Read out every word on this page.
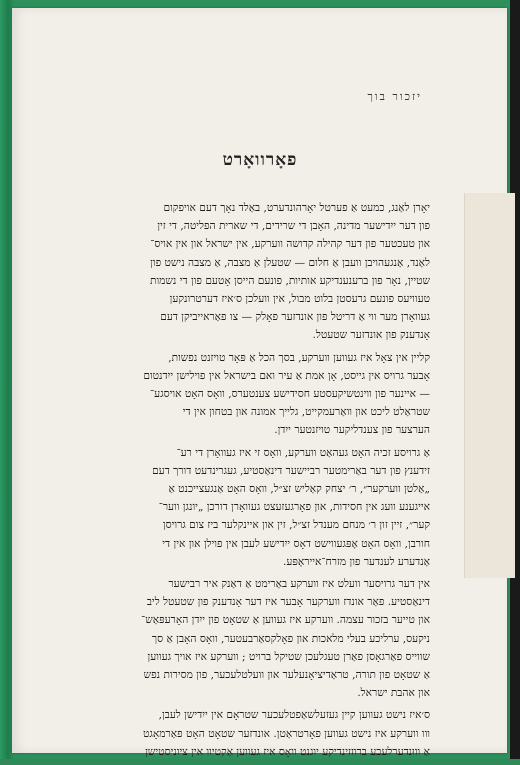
יזכור בוך
פאָרוואָרט
יאָרן לאַנג, כמעט אַ פערטל יאָרהונדערט, באַלד נאָך דעם אויפקום
פון דער ייִדישער מדינה, האָבן די שרידים, די שארית הפליטה, די זין
און טעכטער פון דער קהילה קדושה ווערקע, אין ישראל און אין אויס־
לאַנד, אַנגעהויבן וועבן אַ חלום — שטעלן אַ מצבה, אַ מצבה נישט פון
שטיין, נאָר פון ברענענדיקע אותיות, פונעם הייסן אָטעם פון די נשמות
טעוויעס פונעם גרעסטן בלוט מבול, אין וועלכן ס׳איז דערטרונקען
געוואָרן מער ווי אַ דריטל פון אונדזער פאָלק — צו פאַראייביקן דעם
אָנדענק פון אונדזער שטעטל.
קליין אין צאָל איז געווען ווערקע, בסך הכל אַ פּאָר טויזנט נפשות,
אָבער גרויס אין גייסט, אָן אמת אַ עיר ואם בישראל אין פוילישן ייִדנטום
— איינער פון ווינטשיקעסטע חסידישע צענטערס, וואָס האָט אויסגע־
שטראַלט ליכט און וואַרעמקייט, גלייך אמונה און בטחון אין די
הערצער פון צענדליקער טויזנטער ייִדן.
אַ גרויסע זכיה האָט געהאַט ווערקע, וואָס זי איז געוואָרן די רע־
זידענץ פון דער באַרימטער רביישער דינאַסטיע, געגרינדעט דורך דעם
„אַלטן ווערקער״, ר׳ יצחק קאַליש זצ״ל, וואָס האָט אַנגעצייכנט אַ
אייגענע וועג אין חסידות, און פאָרגעזעצט געוואָרן דורכן „יונגן ווער־
קער״, זיין זון ר׳ מנחם מענדל זצ״ל, זין און איינקלער ביז צום גרויסן
חורבן, וואָס האָט אָפּגעווישט דאָס ייִדישע לעבן אין פוילן און אין די
אַנדערע לענדער פון מזרח־אייראָפּע.
אין דער גרויסער וועלט איז ווערקע באַרימט אַ דאַנק איר רבישער
דינאַסטיע. פאַר אונדז ווערקער אָבער איז דער אָנדענק פון שטעטל ליב
און טייער בזכור עצמה. ווערקע איז געווען אַ שטאָט פון ייִדן האָרעפּאַש־
ניקעס, ערליכע בעלי מלאכות און פאָלקסאַרבעטער, וואָס האָבן אַ סך
שווייס פאַרגאָסן פאַרן טעגלעכן שטיקל ברויט ; ווערקע איז אויך געווען
אַ שטאָט פון תורה, טראַדיציאָנעלער און וועלטלעכער, פון מסירות נפש
און אהבת ישראל.
ס׳איז נישט געווען קיין געזעלשאַפטלעכער שטראָם אין ייִדישן לעבן,
ווו ווערקע איז נישט געווען פאָרטראַטן. אונדזער שטאָט האָט פאַרמאָגט
אַ וווּנדערלעכע ברוזזינדיקע יוגנט וואָס איז געווען אַקטיוו אין ציוניסטישן
